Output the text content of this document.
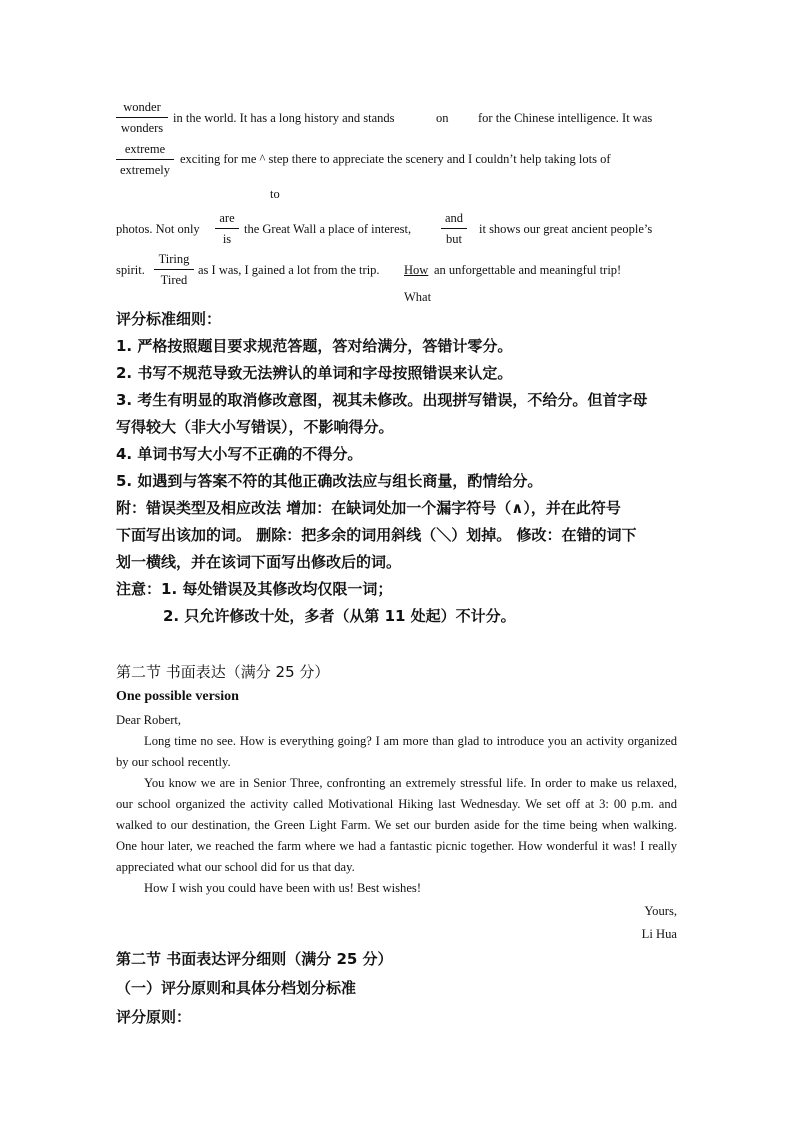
wonder
wonders
in the world. It has a long history and stands	on for the Chinese intelligence. It was
extreme
extremely
exciting for me ^ step there to appreciate the scenery and I couldn’t help taking lots of
to
photos. Not only
are
is
the Great Wall a place of interest,
and
but
it shows our great ancient people’s
spirit.
Tiring
Tired
as I was, I gained a lot from the trip. How an unforgettable and meaningful trip!
What
评分标准细则：
1. 严格按照题目要求规范答题，答对给满分，答错计零分。
2. 书写不规范导致无法辨认的单词和字母按照错误来认定。
3. 考生有明显的取消修改意图，视其未修改。出现拼写错误，不给分。但首字母
写得较大（非大小写错误），不影响得分。
4. 单词书写大小写不正确的不得分。
5. 如遇到与答案不符的其他正确改法应与组长商量，酌情给分。
附：错误类型及相应改法 增加：在缺词处加一个漏字符号（∧），并在此符号
下面写出该加的词。 删除：把多余的词用斜线（＼）划掉。 修改：在错的词下
划一横线，并在该词下面写出修改后的词。
注意：1. 每处错误及其修改均仅限一词；
2. 只允许修改十处，多者（从第 11 处起）不计分。
第二节 书面表达（满分 25 分）
One possible version

Dear Robert,

Long time no see. How is everything going? I am more than glad to introduce you an activity organized by our school recently.

You know we are in Senior Three, confronting an extremely stressful life. In order to make us relaxed, our school organized the activity called Motivational Hiking last Wednesday. We set off at 3: 00 p.m. and walked to our destination, the Green Light Farm. We set our burden aside for the time being when walking. One hour later, we reached the farm where we had a fantastic picnic together. How wonderful it was! I really appreciated what our school did for us that day.

How I wish you could have been with us! Best wishes!

Yours,

Li Hua

第二节 书面表达评分细则（满分 25 分）
（一）评分原则和具体分档划分标准
评分原则：
